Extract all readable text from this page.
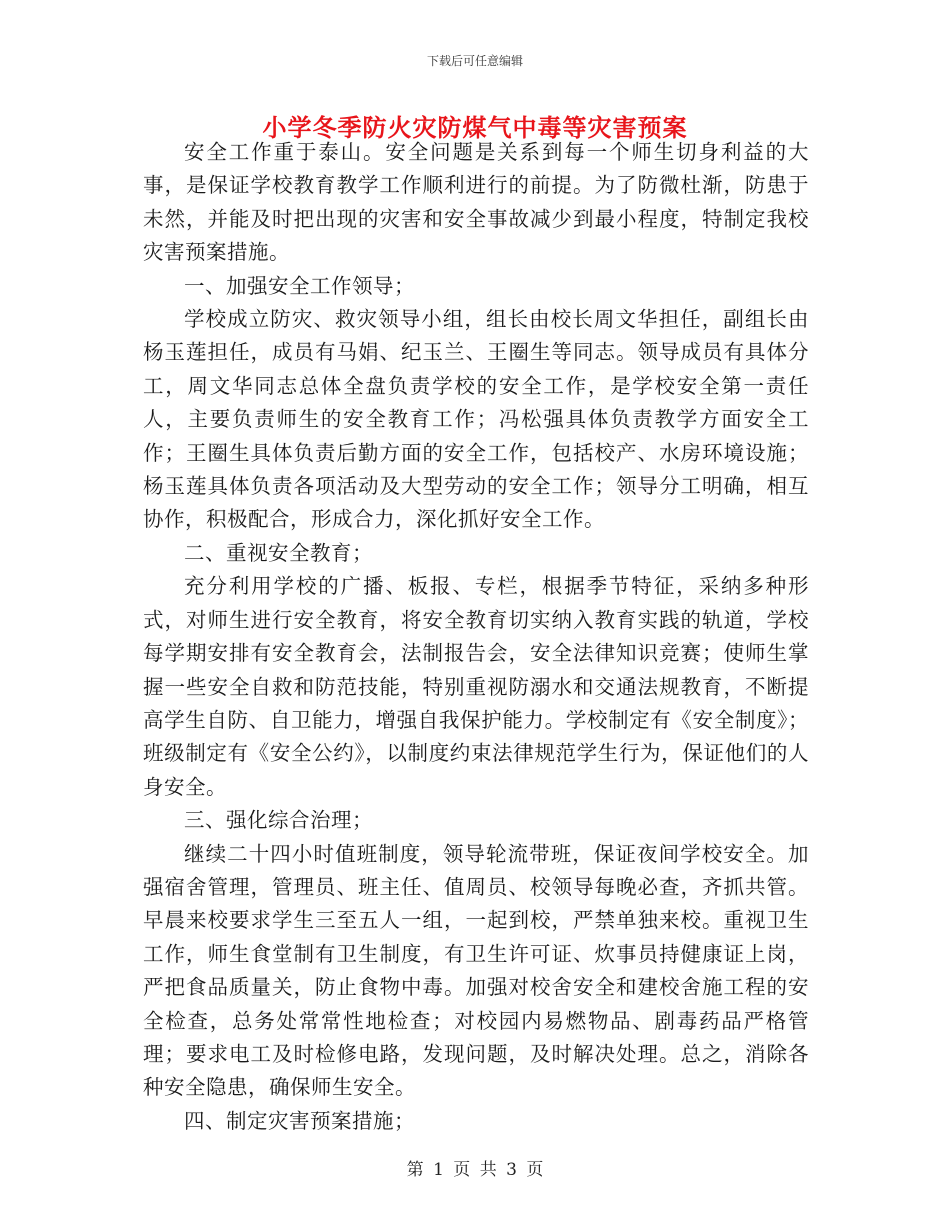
下载后可任意编辑
小学冬季防火灾防煤气中毒等灾害预案

安全工作重于泰山。安全问题是关系到每一个师生切身利益的大事，是保证学校教育教学工作顺利进行的前提。为了防微杜渐，防患于未然，并能及时把出现的灾害和安全事故减少到最小程度，特制定我校灾害预案措施。

一、加强安全工作领导；

学校成立防灾、救灾领导小组，组长由校长周文华担任，副组长由杨玉莲担任，成员有马娟、纪玉兰、王圈生等同志。领导成员有具体分工，周文华同志总体全盘负责学校的安全工作，是学校安全第一责任人，主要负责师生的安全教育工作；冯松强具体负责教学方面安全工作；王圈生具体负责后勤方面的安全工作，包括校产、水房环境设施；杨玉莲具体负责各项活动及大型劳动的安全工作；领导分工明确，相互协作，积极配合，形成合力，深化抓好安全工作。

二、重视安全教育；

充分利用学校的广播、板报、专栏，根据季节特征，采纳多种形式，对师生进行安全教育，将安全教育切实纳入教育实践的轨道，学校每学期安排有安全教育会，法制报告会，安全法律知识竞赛；使师生掌握一些安全自救和防范技能，特别重视防溺水和交通法规教育，不断提高学生自防、自卫能力，增强自我保护能力。学校制定有《安全制度》；班级制定有《安全公约》，以制度约束法律规范学生行为，保证他们的人身安全。

三、强化综合治理；

继续二十四小时值班制度，领导轮流带班，保证夜间学校安全。加强宿舍管理，管理员、班主任、值周员、校领导每晚必查，齐抓共管。早晨来校要求学生三至五人一组，一起到校，严禁单独来校。重视卫生工作，师生食堂制有卫生制度，有卫生许可证、炊事员持健康证上岗，严把食品质量关，防止食物中毒。加强对校舍安全和建校舍施工程的安全检查，总务处常常性地检查；对校园内易燃物品、剧毒药品严格管理；要求电工及时检修电路，发现问题，及时解决处理。总之，消除各种安全隐患，确保师生安全。

四、制定灾害预案措施；

第 1 页 共 3 页
